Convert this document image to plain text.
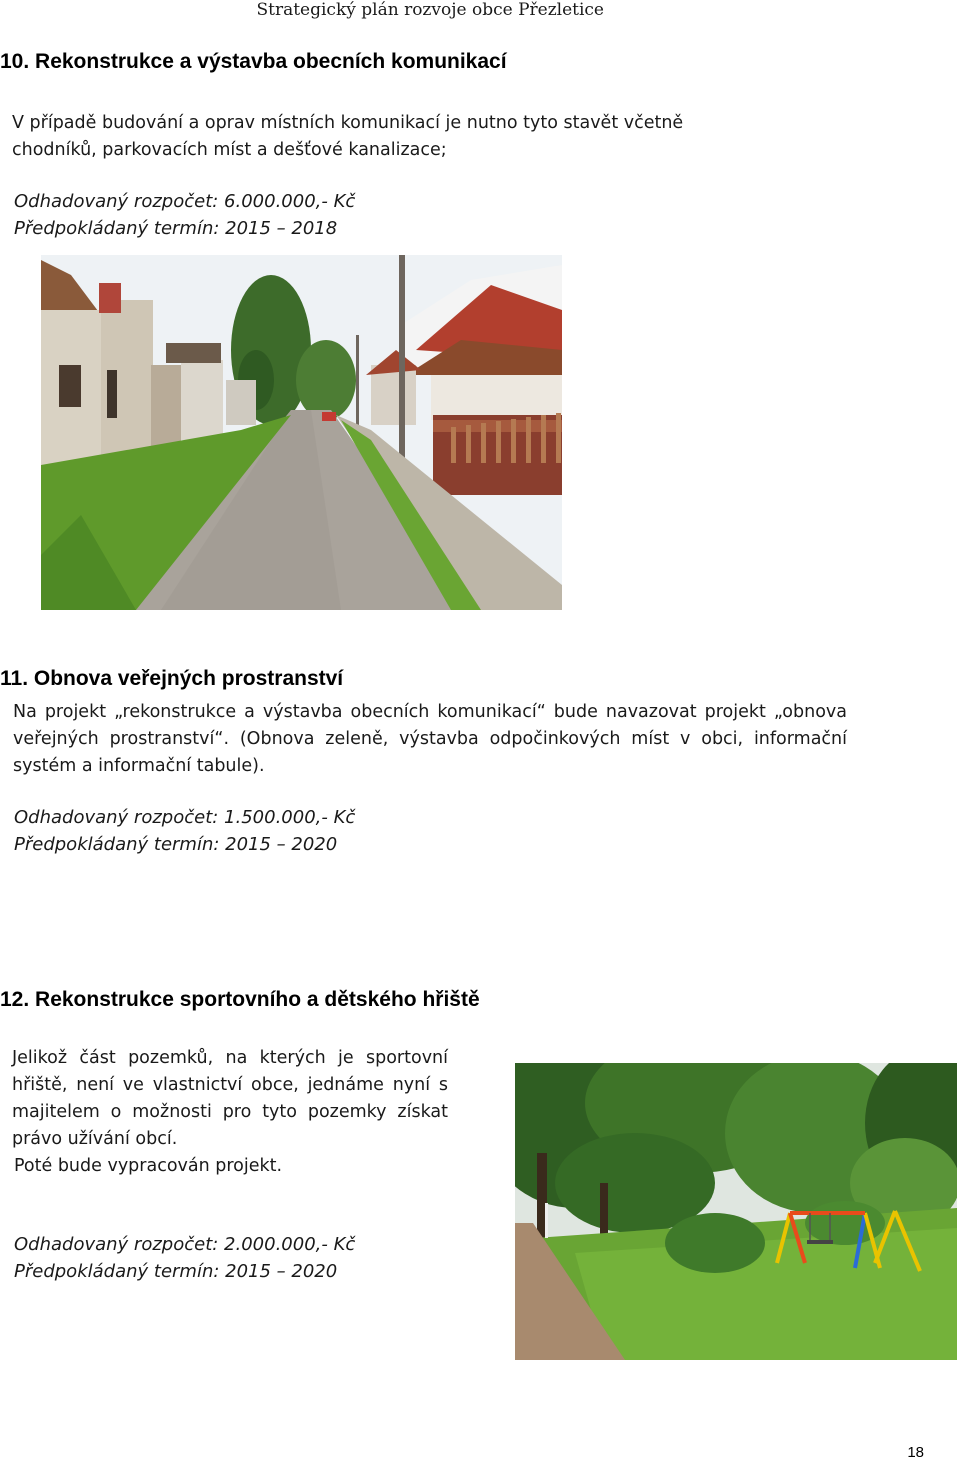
Strategický plán rozvoje obce Přezletice
10. Rekonstrukce a výstavba obecních komunikací

V případě budování a oprav místních komunikací je nutno tyto stavět včetně

chodníků, parkovacích míst a dešťové kanalizace;

Odhadovaný rozpočet: 6.000.000,- Kč

Předpokládaný termín: 2015 – 2018

11. Obnova veřejných prostranství

Na projekt „rekonstrukce a výstavba obecních komunikací“ bude navazovat projekt „obnova veřejných prostranství“. (Obnova zeleně, výstavba odpočinkových míst v obci, informační systém a informační tabule).

Odhadovaný rozpočet: 1.500.000,- Kč

Předpokládaný termín: 2015 – 2020

12. Rekonstrukce sportovního a dětského hřiště

Jelikož část pozemků, na kterých je sportovní hřiště, není ve vlastnictví obce, jednáme nyní s majitelem o možnosti pro tyto pozemky získat právo užívání obcí.

Poté bude vypracován projekt.

Odhadovaný rozpočet: 2.000.000,- Kč

Předpokládaný termín: 2015 – 2020

18
